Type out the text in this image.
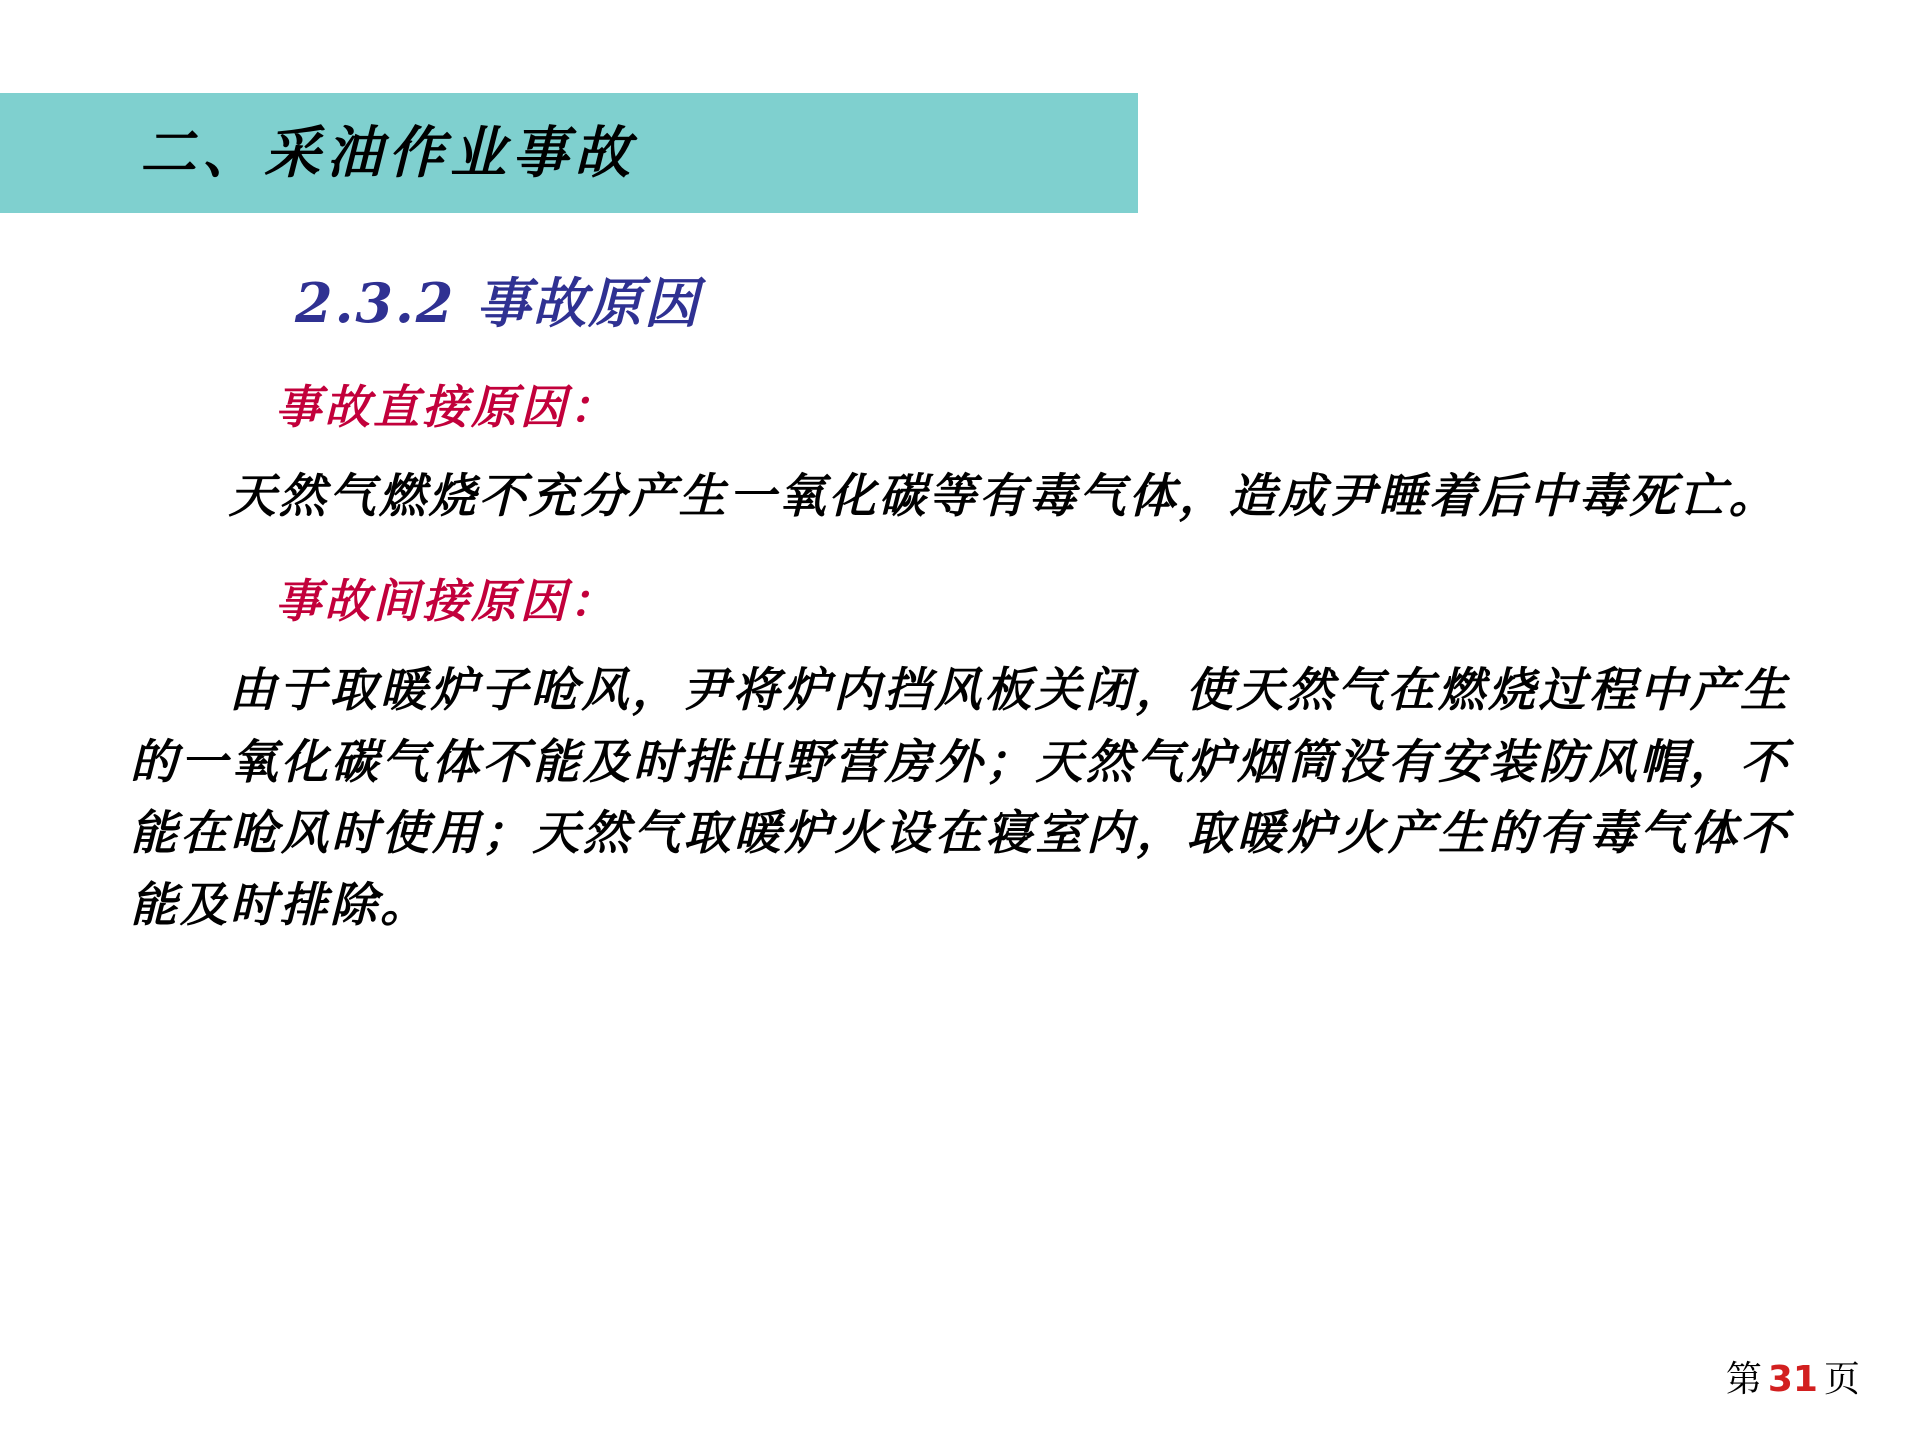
二、采油作业事故
2.3.2 事故原因
事故直接原因：

天然气燃烧不充分产生一氧化碳等有毒气体，造成尹睡着后中毒死亡。

事故间接原因：

由于取暖炉子呛风，尹将炉内挡风板关闭，使天然气在燃烧过程中产生的一氧化碳气体不能及时排出野营房外；天然气炉烟筒没有安装防风帽，不能在呛风时使用；天然气取暖炉火设在寝室内，取暖炉火产生的有毒气体不能及时排除。

第 31 页
